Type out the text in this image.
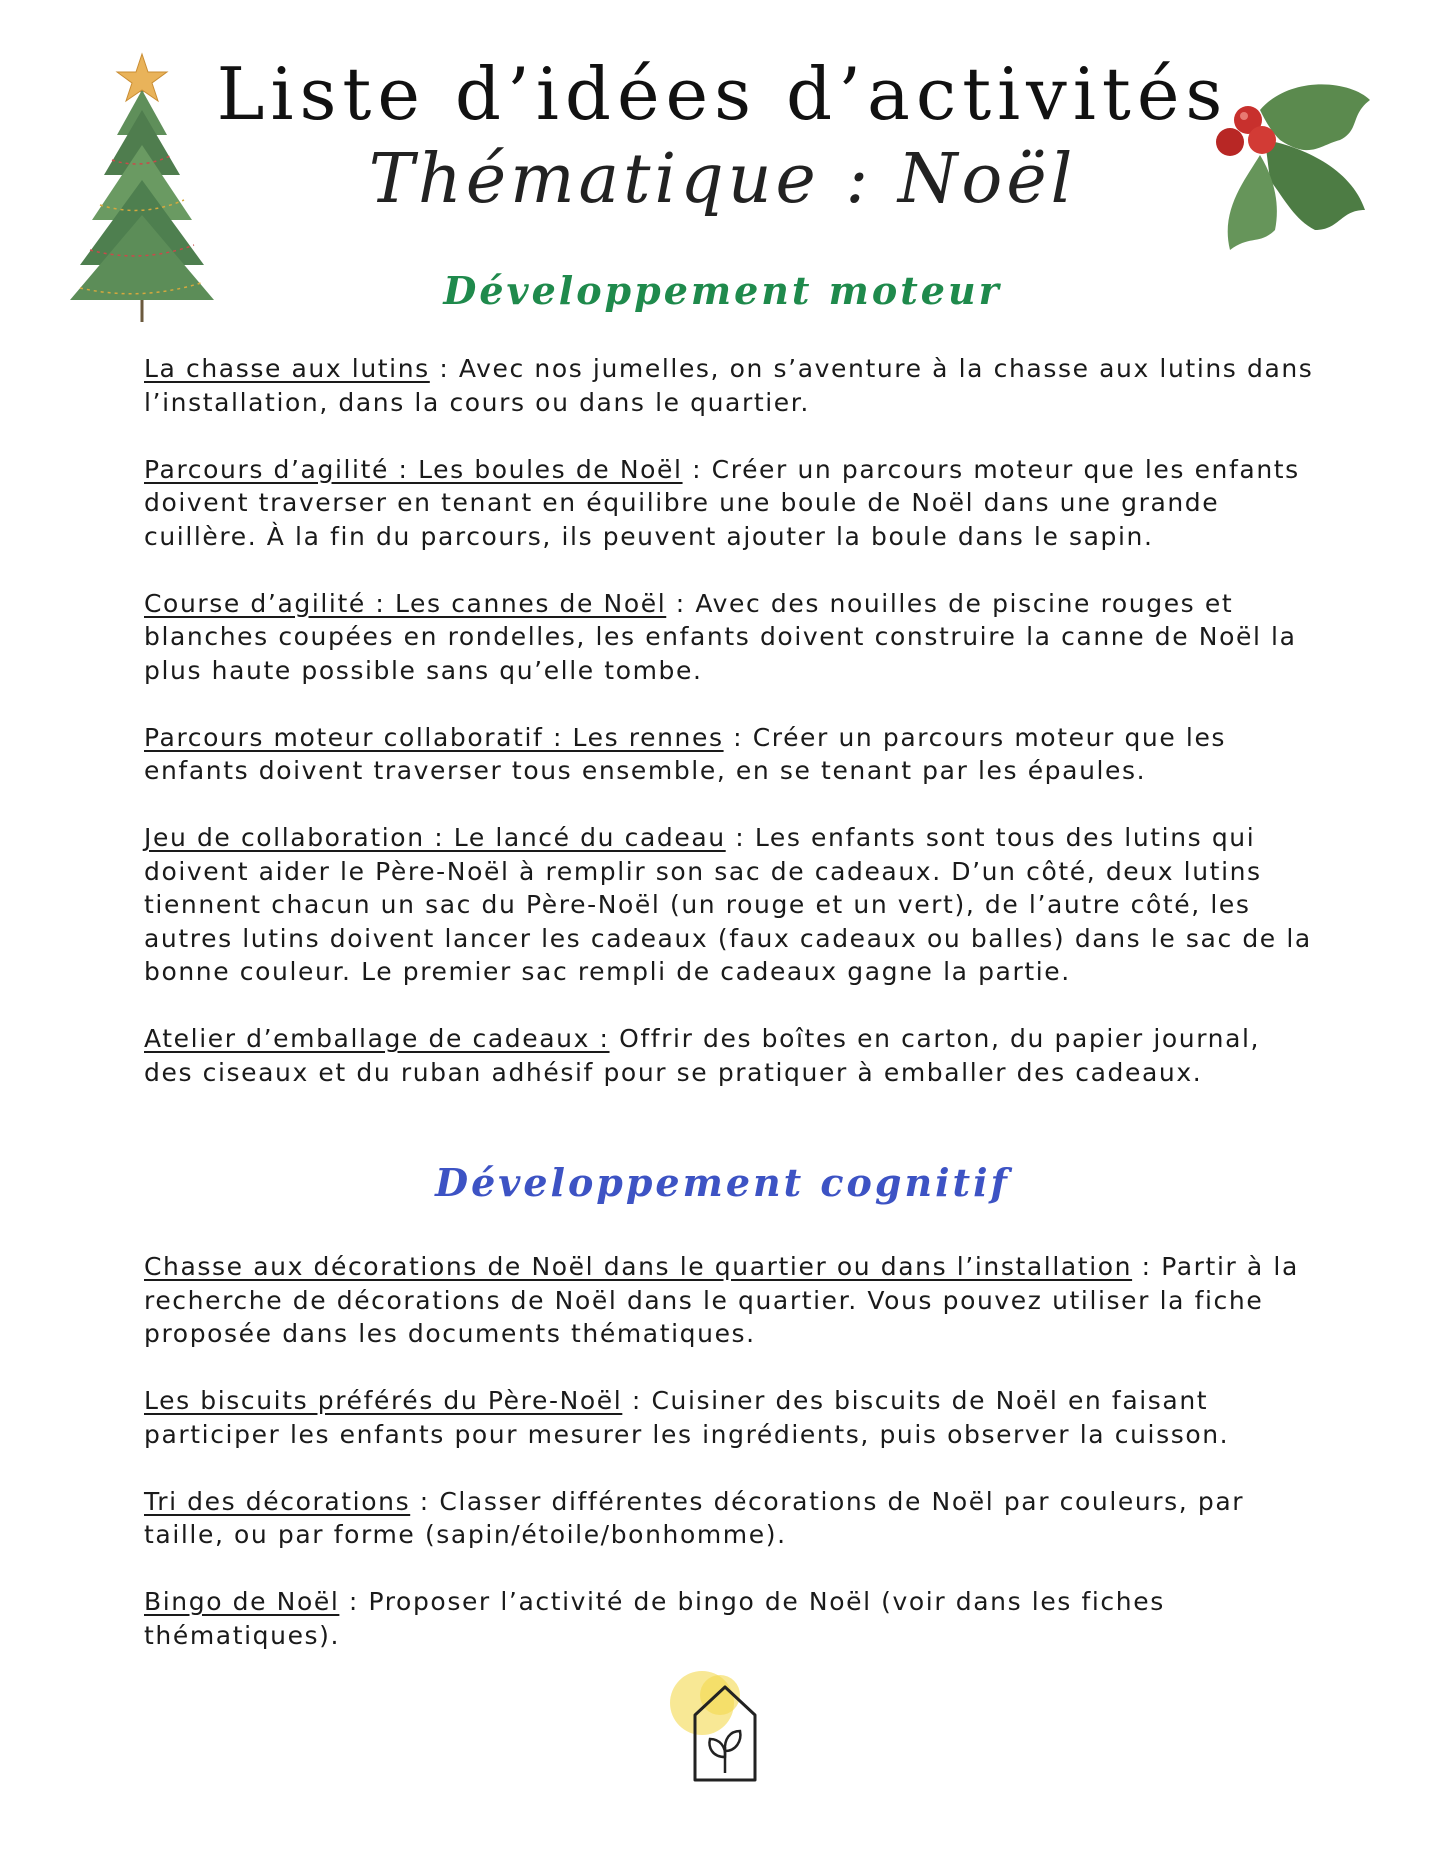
Liste d’idées d’activités
Thématique : Noël
Développement moteur
La chasse aux lutins : Avec nos jumelles, on s’aventure à la chasse aux lutins dans l’installation, dans la cours ou dans le quartier.
Parcours d’agilité : Les boules de Noël : Créer un parcours moteur que les enfants doivent traverser en tenant en équilibre une boule de Noël dans une grande cuillère. À la fin du parcours, ils peuvent ajouter la boule dans le sapin.
Course d’agilité : Les cannes de Noël : Avec des nouilles de piscine rouges et blanches coupées en rondelles, les enfants doivent construire la canne de Noël la plus haute possible sans qu’elle tombe.
Parcours moteur collaboratif : Les rennes : Créer un parcours moteur que les enfants doivent traverser tous ensemble, en se tenant par les épaules.
Jeu de collaboration : Le lancé du cadeau : Les enfants sont tous des lutins qui doivent aider le Père-Noël à remplir son sac de cadeaux. D’un côté, deux lutins tiennent chacun un sac du Père-Noël (un rouge et un vert), de l’autre côté, les autres lutins doivent lancer les cadeaux (faux cadeaux ou balles) dans le sac de la bonne couleur. Le premier sac rempli de cadeaux gagne la partie.
Atelier d’emballage de cadeaux : Offrir des boîtes en carton, du papier journal, des ciseaux et du ruban adhésif pour se pratiquer à emballer des cadeaux.
Développement cognitif
Chasse aux décorations de Noël dans le quartier ou dans l’installation : Partir à la recherche de décorations de Noël dans le quartier. Vous pouvez utiliser la fiche proposée dans les documents thématiques.
Les biscuits préférés du Père-Noël : Cuisiner des biscuits de Noël en faisant participer les enfants pour mesurer les ingrédients, puis observer la cuisson.
Tri des décorations : Classer différentes décorations de Noël par couleurs, par taille, ou par forme (sapin/étoile/bonhomme).
Bingo de Noël : Proposer l’activité de bingo de Noël (voir dans les fiches thématiques).
